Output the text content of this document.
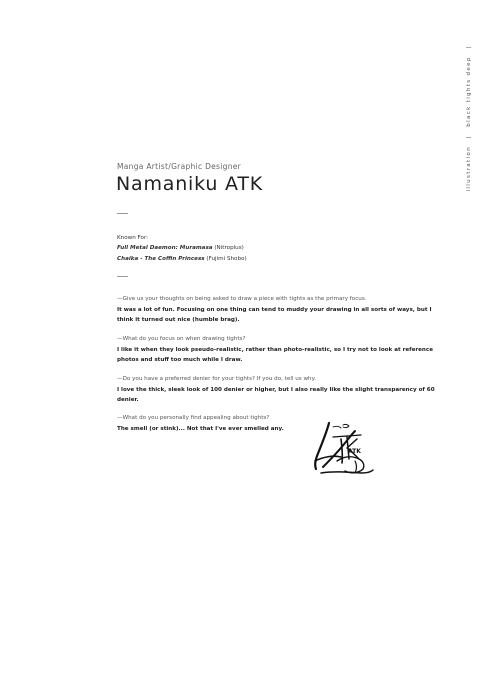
illustration | black tights deep |
Manga Artist/Graphic Designer
Namaniku ATK
Known For:
Full Metal Daemon: Muramasa (Nitroplus)
Chaika - The Coffin Princess (Fujimi Shobo)
—Give us your thoughts on being asked to draw a piece with tights as the primary focus.
It was a lot of fun. Focusing on one thing can tend to muddy your drawing in all sorts of ways, but I think it turned out nice (humble brag).
—What do you focus on when drawing tights?
I like it when they look pseudo-realistic, rather than photo-realistic, so I try not to look at reference photos and stuff too much while I draw.
—Do you have a preferred denier for your tights? If you do, tell us why.
I love the thick, sleek look of 100 denier or higher, but I also really like the slight transparency of 60 denier.
—What do you personally find appealing about tights?
The smell (or stink)... Not that I've ever smelled any.
ATK
